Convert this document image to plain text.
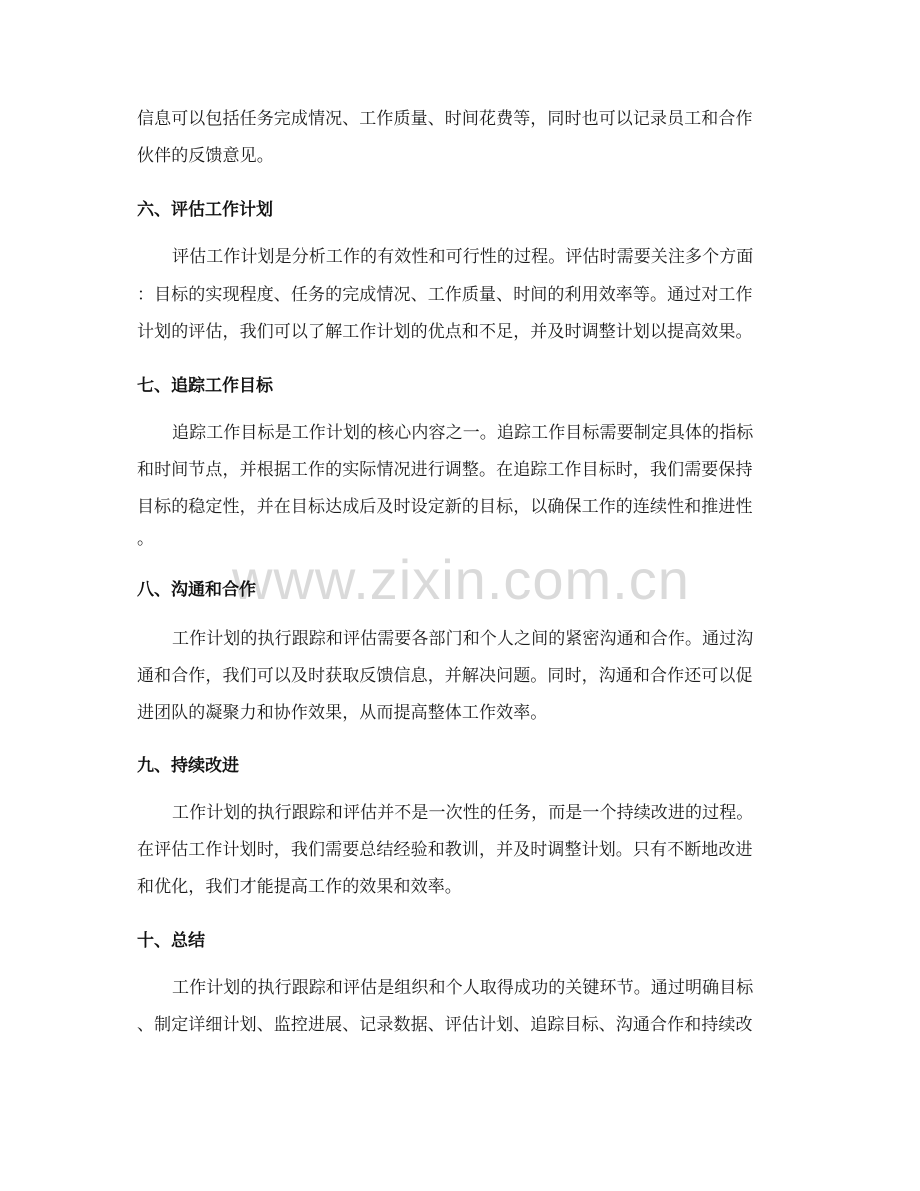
www.zixin.com.cn
信息可以包括任务完成情况、工作质量、时间花费等，同时也可以记录员工和合作
伙伴的反馈意见。
六、评估工作计划
评估工作计划是分析工作的有效性和可行性的过程。评估时需要关注多个方面
：目标的实现程度、任务的完成情况、工作质量、时间的利用效率等。通过对工作
计划的评估，我们可以了解工作计划的优点和不足，并及时调整计划以提高效果。
七、追踪工作目标
追踪工作目标是工作计划的核心内容之一。追踪工作目标需要制定具体的指标
和时间节点，并根据工作的实际情况进行调整。在追踪工作目标时，我们需要保持
目标的稳定性，并在目标达成后及时设定新的目标，以确保工作的连续性和推进性
。
八、沟通和合作
工作计划的执行跟踪和评估需要各部门和个人之间的紧密沟通和合作。通过沟
通和合作，我们可以及时获取反馈信息，并解决问题。同时，沟通和合作还可以促
进团队的凝聚力和协作效果，从而提高整体工作效率。
九、持续改进
工作计划的执行跟踪和评估并不是一次性的任务，而是一个持续改进的过程。
在评估工作计划时，我们需要总结经验和教训，并及时调整计划。只有不断地改进
和优化，我们才能提高工作的效果和效率。
十、总结
工作计划的执行跟踪和评估是组织和个人取得成功的关键环节。通过明确目标
、制定详细计划、监控进展、记录数据、评估计划、追踪目标、沟通合作和持续改
